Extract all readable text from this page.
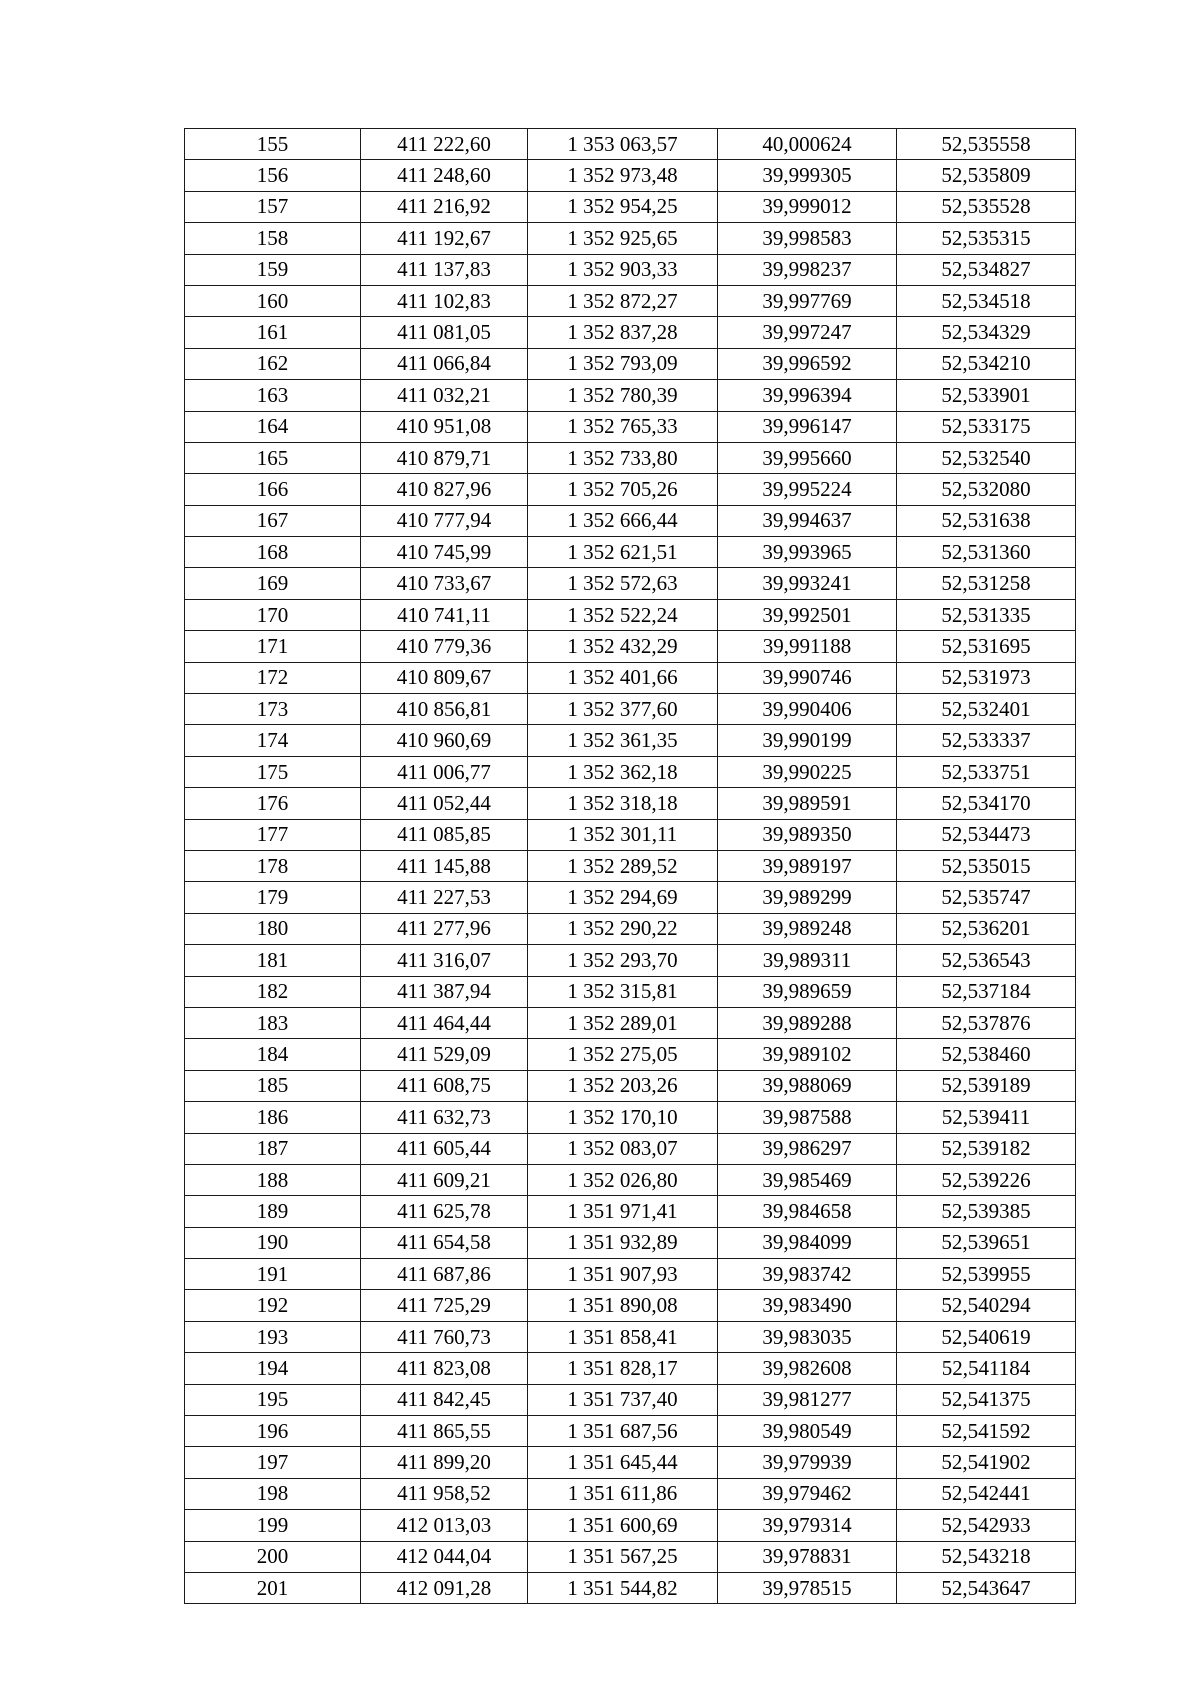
155	411 222,60	1 353 063,57	40,000624	52,535558
156	411 248,60	1 352 973,48	39,999305	52,535809
157	411 216,92	1 352 954,25	39,999012	52,535528
158	411 192,67	1 352 925,65	39,998583	52,535315
159	411 137,83	1 352 903,33	39,998237	52,534827
160	411 102,83	1 352 872,27	39,997769	52,534518
161	411 081,05	1 352 837,28	39,997247	52,534329
162	411 066,84	1 352 793,09	39,996592	52,534210
163	411 032,21	1 352 780,39	39,996394	52,533901
164	410 951,08	1 352 765,33	39,996147	52,533175
165	410 879,71	1 352 733,80	39,995660	52,532540
166	410 827,96	1 352 705,26	39,995224	52,532080
167	410 777,94	1 352 666,44	39,994637	52,531638
168	410 745,99	1 352 621,51	39,993965	52,531360
169	410 733,67	1 352 572,63	39,993241	52,531258
170	410 741,11	1 352 522,24	39,992501	52,531335
171	410 779,36	1 352 432,29	39,991188	52,531695
172	410 809,67	1 352 401,66	39,990746	52,531973
173	410 856,81	1 352 377,60	39,990406	52,532401
174	410 960,69	1 352 361,35	39,990199	52,533337
175	411 006,77	1 352 362,18	39,990225	52,533751
176	411 052,44	1 352 318,18	39,989591	52,534170
177	411 085,85	1 352 301,11	39,989350	52,534473
178	411 145,88	1 352 289,52	39,989197	52,535015
179	411 227,53	1 352 294,69	39,989299	52,535747
180	411 277,96	1 352 290,22	39,989248	52,536201
181	411 316,07	1 352 293,70	39,989311	52,536543
182	411 387,94	1 352 315,81	39,989659	52,537184
183	411 464,44	1 352 289,01	39,989288	52,537876
184	411 529,09	1 352 275,05	39,989102	52,538460
185	411 608,75	1 352 203,26	39,988069	52,539189
186	411 632,73	1 352 170,10	39,987588	52,539411
187	411 605,44	1 352 083,07	39,986297	52,539182
188	411 609,21	1 352 026,80	39,985469	52,539226
189	411 625,78	1 351 971,41	39,984658	52,539385
190	411 654,58	1 351 932,89	39,984099	52,539651
191	411 687,86	1 351 907,93	39,983742	52,539955
192	411 725,29	1 351 890,08	39,983490	52,540294
193	411 760,73	1 351 858,41	39,983035	52,540619
194	411 823,08	1 351 828,17	39,982608	52,541184
195	411 842,45	1 351 737,40	39,981277	52,541375
196	411 865,55	1 351 687,56	39,980549	52,541592
197	411 899,20	1 351 645,44	39,979939	52,541902
198	411 958,52	1 351 611,86	39,979462	52,542441
199	412 013,03	1 351 600,69	39,979314	52,542933
200	412 044,04	1 351 567,25	39,978831	52,543218
201	412 091,28	1 351 544,82	39,978515	52,543647
